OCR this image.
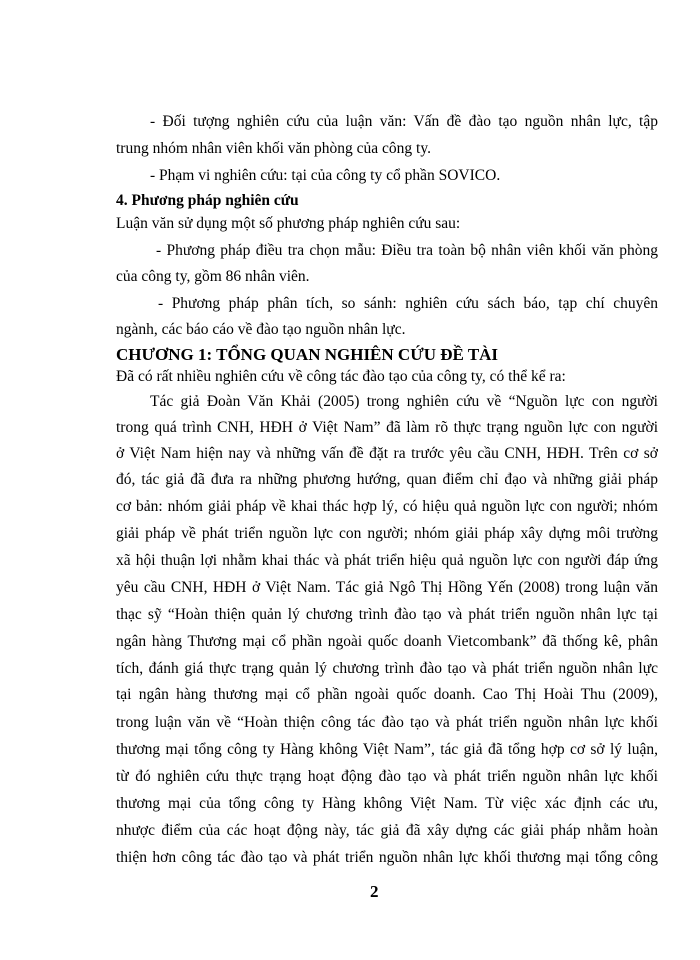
- Đối tượng nghiên cứu của luận văn: Vấn đề đào tạo nguồn nhân lực, tập

trung nhóm nhân viên khối văn phòng của công ty.

- Phạm vi nghiên cứu: tại của công ty cổ phần SOVICO.

4. Phương pháp nghiên cứu

Luận văn sử dụng một số phương pháp nghiên cứu sau:

- Phương pháp điều tra chọn mẫu: Điều tra toàn bộ nhân viên khối văn phòng

của công ty, gồm 86 nhân viên.

- Phương pháp phân tích, so sánh: nghiên cứu sách báo, tạp chí chuyên

ngành, các báo cáo về đào tạo nguồn nhân lực.

CHƯƠNG 1: TỔNG QUAN NGHIÊN CỨU ĐỀ TÀI

Đã có rất nhiều nghiên cứu về công tác đào tạo của công ty, có thể kể ra:

Tác giả Đoàn Văn Khải (2005) trong nghiên cứu về “Nguồn lực con người

trong quá trình CNH, HĐH ở Việt Nam” đã làm rõ thực trạng nguồn lực con người

ở Việt Nam hiện nay và những vấn đề đặt ra trước yêu cầu CNH, HĐH. Trên cơ sở

đó, tác giả đã đưa ra những phương hướng, quan điểm chỉ đạo và những giải pháp

cơ bản: nhóm giải pháp về khai thác hợp lý, có hiệu quả nguồn lực con người; nhóm

giải pháp về phát triển nguồn lực con người; nhóm giải pháp xây dựng môi trường

xã hội thuận lợi nhằm khai thác và phát triển hiệu quả nguồn lực con người đáp ứng

yêu cầu CNH, HĐH ở Việt Nam. Tác giả Ngô Thị Hồng Yến (2008) trong luận văn

thạc sỹ “Hoàn thiện quản lý chương trình đào tạo và phát triển nguồn nhân lực tại

ngân hàng Thương mại cổ phần ngoài quốc doanh Vietcombank” đã thống kê, phân

tích, đánh giá thực trạng quản lý chương trình đào tạo và phát triển nguồn nhân lực

tại ngân hàng thương mại cổ phần ngoài quốc doanh. Cao Thị Hoài Thu (2009),

trong luận văn về “Hoàn thiện công tác đào tạo và phát triển nguồn nhân lực khối

thương mại tổng công ty Hàng không Việt Nam”, tác giả đã tổng hợp cơ sở lý luận,

từ đó nghiên cứu thực trạng hoạt động đào tạo và phát triển nguồn nhân lực khối

thương mại của tổng công ty Hàng không Việt Nam. Từ việc xác định các ưu,

nhược điểm của các hoạt động này, tác giả đã xây dựng các giải pháp nhằm hoàn

thiện hơn công tác đào tạo và phát triển nguồn nhân lực khối thương mại tổng công

2
